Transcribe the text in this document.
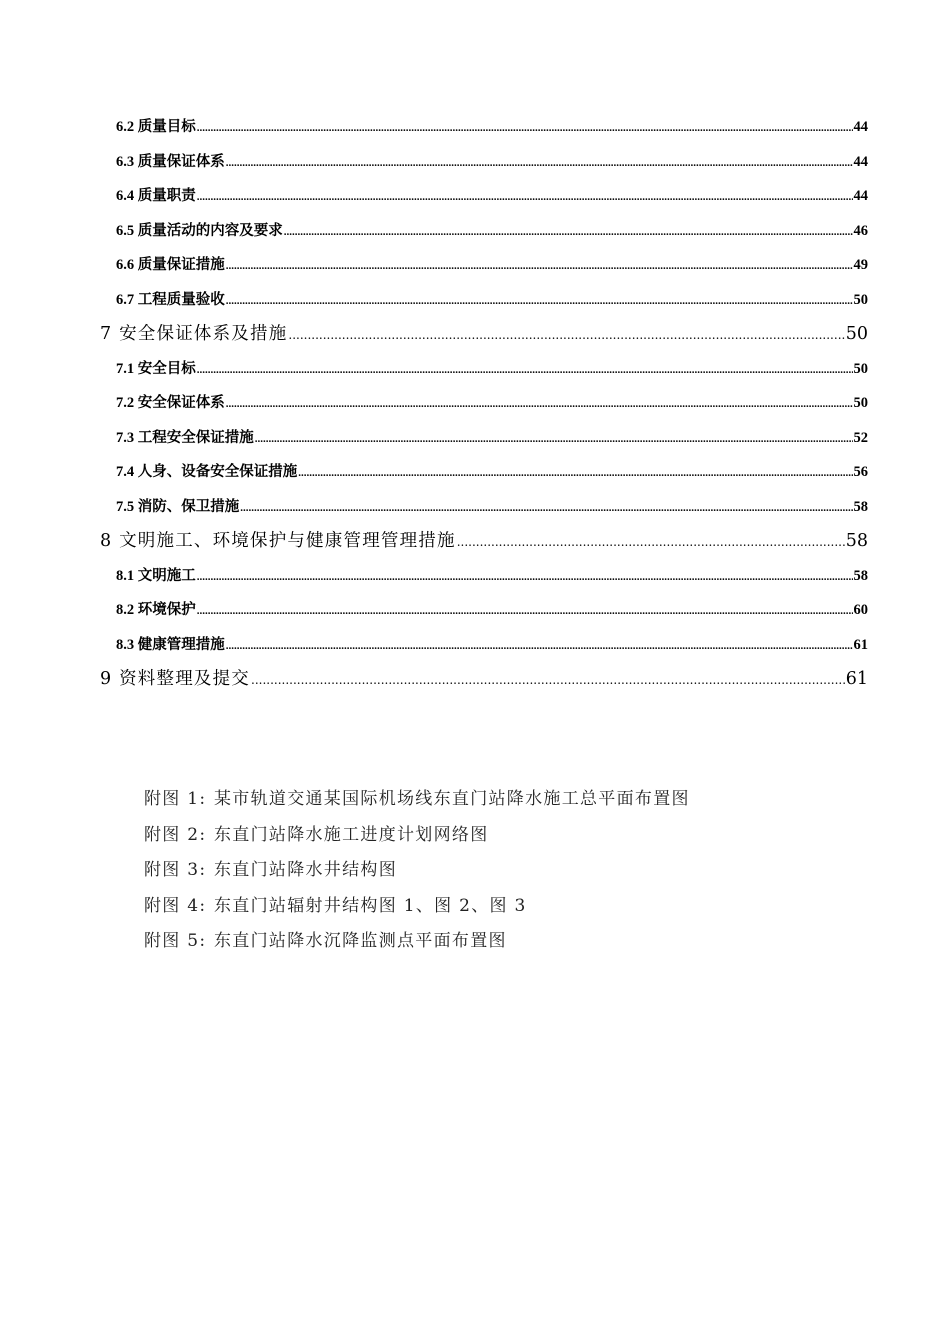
6.2 质量目标 .....	44
6.3 质量保证体系 .....	44
6.4 质量职责 .....	44
6.5 质量活动的内容及要求 .....	46
6.6 质量保证措施 .....	49
6.7 工程质量验收 .....	50
7 安全保证体系及措施 .....	50
7.1 安全目标 .....	50
7.2 安全保证体系 .....	50
7.3 工程安全保证措施 .....	52
7.4 人身、设备安全保证措施 .....	56
7.5 消防、保卫措施 .....	58
8 文明施工、环境保护与健康管理管理措施 .....	58
8.1 文明施工 .....	58
8.2 环境保护 .....	60
8.3 健康管理措施 .....	61
9 资料整理及提交 .....	61
附图 1: 某市轨道交通某国际机场线东直门站降水施工总平面布置图
附图 2: 东直门站降水施工进度计划网络图
附图 3: 东直门站降水井结构图
附图 4: 东直门站辐射井结构图 1、图 2、图 3
附图 5: 东直门站降水沉降监测点平面布置图
